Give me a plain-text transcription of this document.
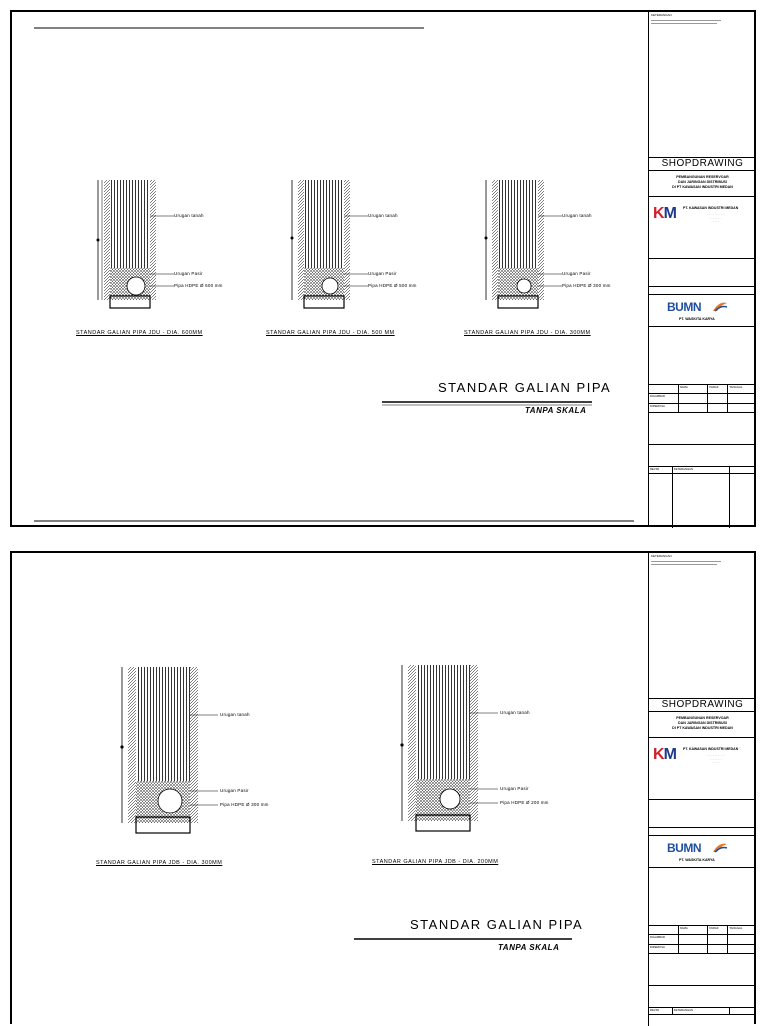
Urugan tanah
Urugan Pasir
Pipa HDPE Ø 600 mm
Urugan tanah
Urugan Pasir
Pipa HDPE Ø 500 mm
Urugan tanah
Urugan Pasir
Pipa HDPE Ø 300 mm
STANDAR GALIAN PIPA JDU - DIA. 600MM	STANDAR GALIAN PIPA JDU - DIA. 500 MM	STANDAR GALIAN PIPA JDU - DIA. 300MM
STANDAR GALIAN PIPA
TANPA SKALA
KETERANGAN
SHOPDRAWING
PEMBANGUNAN RESERVOAR
DAN JARINGAN DISTRIBUSI
DI PT KAWASAN INDUSTRI MEDAN
KM PT. KAWASAN INDUSTRI MEDAN
· · · · · · · · · · · ·
· · · · · · · ·
· · · · · ·
BUMN
PT. WASKITA KARYA
NAMA	PARAF	TANGGAL
DIGAMBAR
DIPERIKSA
REVISI	KETERANGAN
Urugan tanah
Urugan Pasir
Pipa HDPE Ø 300 mm
Urugan tanah
Urugan Pasir
Pipa HDPE Ø 200 mm
STANDAR GALIAN PIPA JDB - DIA. 300MM	STANDAR GALIAN PIPA JDB - DIA. 200MM
STANDAR GALIAN PIPA
TANPA SKALA
KETERANGAN
SHOPDRAWING
PEMBANGUNAN RESERVOAR
DAN JARINGAN DISTRIBUSI
DI PT KAWASAN INDUSTRI MEDAN
KM PT. KAWASAN INDUSTRI MEDAN
· · · · · · · · · · · ·
· · · · · · · ·
· · · · · ·
BUMN
PT. WASKITA KARYA
NAMA	PARAF	TANGGAL
DIGAMBAR
DIPERIKSA
REVISI	KETERANGAN
